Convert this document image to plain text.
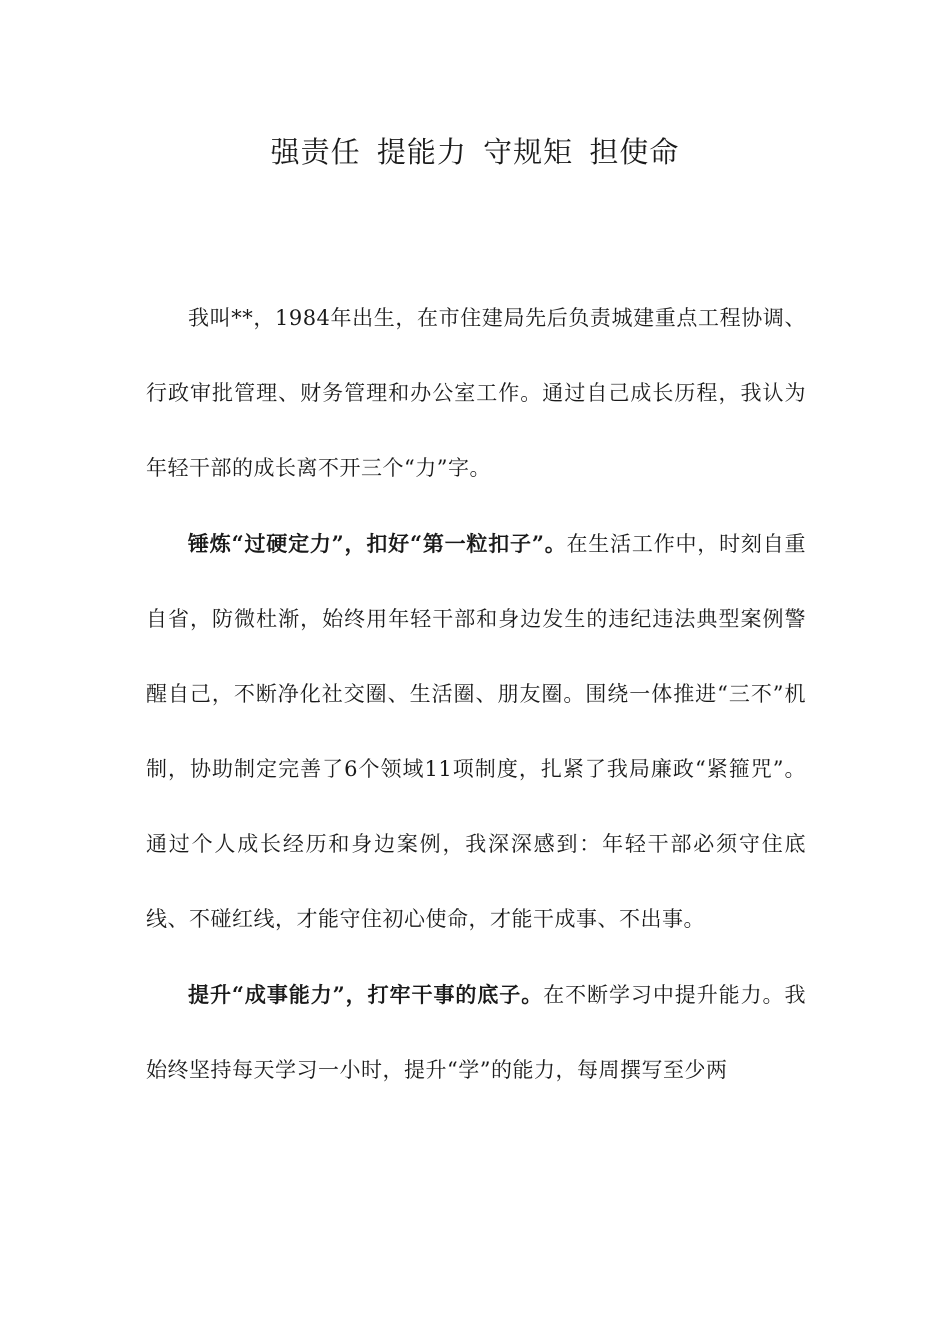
强责任 提能力 守规矩 担使命

我叫**，1984年出生，在市住建局先后负责城建重点工程协调、行政审批管理、财务管理和办公室工作。通过自己成长历程，我认为年轻干部的成长离不开三个“力”字。

锤炼“过硬定力”，扣好“第一粒扣子”。在生活工作中，时刻自重自省，防微杜渐，始终用年轻干部和身边发生的违纪违法典型案例警醒自己，不断净化社交圈、生活圈、朋友圈。围绕一体推进“三不”机制，协助制定完善了6个领域11项制度，扎紧了我局廉政“紧箍咒”。通过个人成长经历和身边案例，我深深感到：年轻干部必须守住底线、不碰红线，才能守住初心使命，才能干成事、不出事。

提升“成事能力”，打牢干事的底子。在不断学习中提升能力。我始终坚持每天学习一小时，提升“学”的能力，每周撰写至少两
